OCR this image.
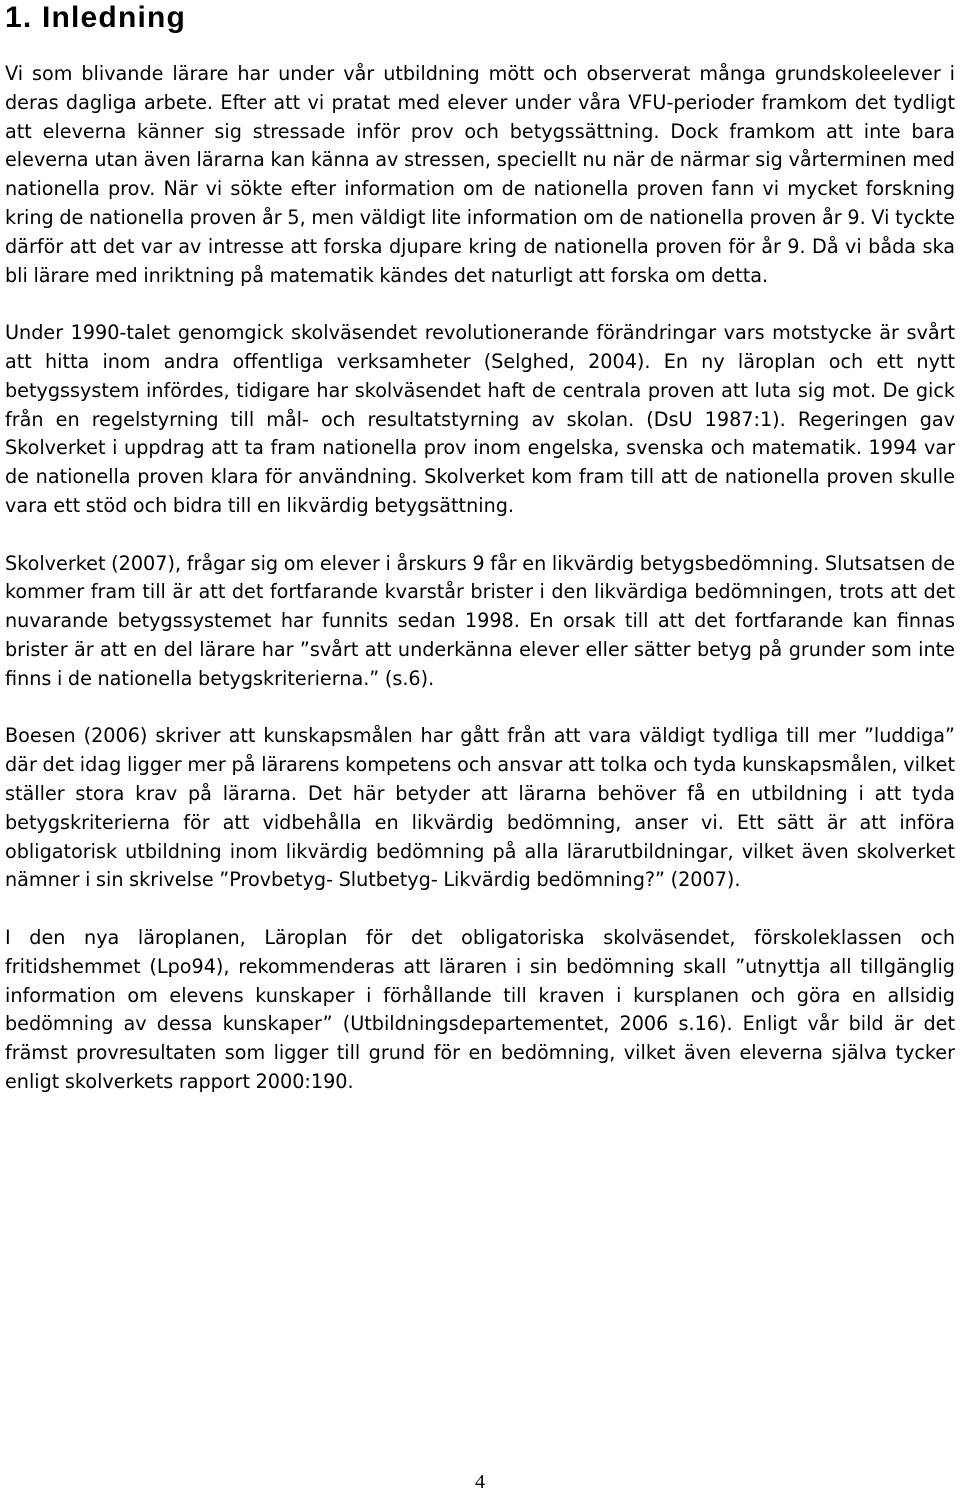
1. Inledning

Vi som blivande lärare har under vår utbildning mött och observerat många grundskoleelever i deras dagliga arbete. Efter att vi pratat med elever under våra VFU-perioder framkom det tydligt att eleverna känner sig stressade inför prov och betygssättning. Dock framkom att inte bara eleverna utan även lärarna kan känna av stressen, speciellt nu när de närmar sig vårterminen med nationella prov. När vi sökte efter information om de nationella proven fann vi mycket forskning kring de nationella proven år 5, men väldigt lite information om de nationella proven år 9. Vi tyckte därför att det var av intresse att forska djupare kring de nationella proven för år 9. Då vi båda ska bli lärare med inriktning på matematik kändes det naturligt att forska om detta.

Under 1990-talet genomgick skolväsendet revolutionerande förändringar vars motstycke är svårt att hitta inom andra offentliga verksamheter (Selghed, 2004). En ny läroplan och ett nytt betygssystem infördes, tidigare har skolväsendet haft de centrala proven att luta sig mot. De gick från en regelstyrning till mål- och resultatstyrning av skolan. (DsU 1987:1). Regeringen gav Skolverket i uppdrag att ta fram nationella prov inom engelska, svenska och matematik. 1994 var de nationella proven klara för användning. Skolverket kom fram till att de nationella proven skulle vara ett stöd och bidra till en likvärdig betygsättning.

Skolverket (2007), frågar sig om elever i årskurs 9 får en likvärdig betygsbedömning. Slutsatsen de kommer fram till är att det fortfarande kvarstår brister i den likvärdiga bedömningen, trots att det nuvarande betygssystemet har funnits sedan 1998. En orsak till att det fortfarande kan finnas brister är att en del lärare har ”svårt att underkänna elever eller sätter betyg på grunder som inte finns i de nationella betygskriterierna.” (s.6).

Boesen (2006) skriver att kunskapsmålen har gått från att vara väldigt tydliga till mer ”luddiga” där det idag ligger mer på lärarens kompetens och ansvar att tolka och tyda kunskapsmålen, vilket ställer stora krav på lärarna. Det här betyder att lärarna behöver få en utbildning i att tyda betygskriterierna för att vidbehålla en likvärdig bedömning, anser vi. Ett sätt är att införa obligatorisk utbildning inom likvärdig bedömning på alla lärarutbildningar, vilket även skolverket nämner i sin skrivelse ”Provbetyg- Slutbetyg- Likvärdig bedömning?” (2007).

I den nya läroplanen, Läroplan för det obligatoriska skolväsendet, förskoleklassen och fritidshemmet (Lpo94), rekommenderas att läraren i sin bedömning skall ”utnyttja all tillgänglig information om elevens kunskaper i förhållande till kraven i kursplanen och göra en allsidig bedömning av dessa kunskaper” (Utbildningsdepartementet, 2006 s.16). Enligt vår bild är det främst provresultaten som ligger till grund för en bedömning, vilket även eleverna själva tycker enligt skolverkets rapport 2000:190.

4
